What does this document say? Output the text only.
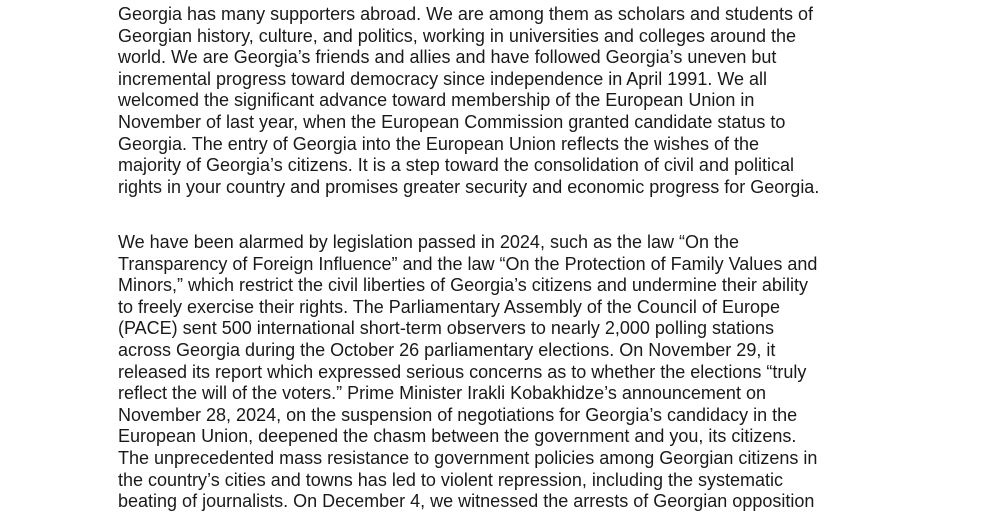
Georgia has many supporters abroad. We are among them as scholars and students of
Georgian history, culture, and politics, working in universities and colleges around the
world. We are Georgia’s friends and allies and have followed Georgia’s uneven but
incremental progress toward democracy since independence in April 1991. We all
welcomed the significant advance toward membership of the European Union in
November of last year, when the European Commission granted candidate status to
Georgia. The entry of Georgia into the European Union reflects the wishes of the
majority of Georgia’s citizens. It is a step toward the consolidation of civil and political
rights in your country and promises greater security and economic progress for Georgia.

We have been alarmed by legislation passed in 2024, such as the law “On the
Transparency of Foreign Influence” and the law “On the Protection of Family Values and
Minors,” which restrict the civil liberties of Georgia’s citizens and undermine their ability
to freely exercise their rights. The Parliamentary Assembly of the Council of Europe
(PACE) sent 500 international short-term observers to nearly 2,000 polling stations
across Georgia during the October 26 parliamentary elections. On November 29, it
released its report which expressed serious concerns as to whether the elections “truly
reflect the will of the voters.” Prime Minister Irakli Kobakhidze’s announcement on
November 28, 2024, on the suspension of negotiations for Georgia’s candidacy in the
European Union, deepened the chasm between the government and you, its citizens.
The unprecedented mass resistance to government policies among Georgian citizens in
the country’s cities and towns has led to violent repression, including the systematic
beating of journalists. On December 4, we witnessed the arrests of Georgian opposition
